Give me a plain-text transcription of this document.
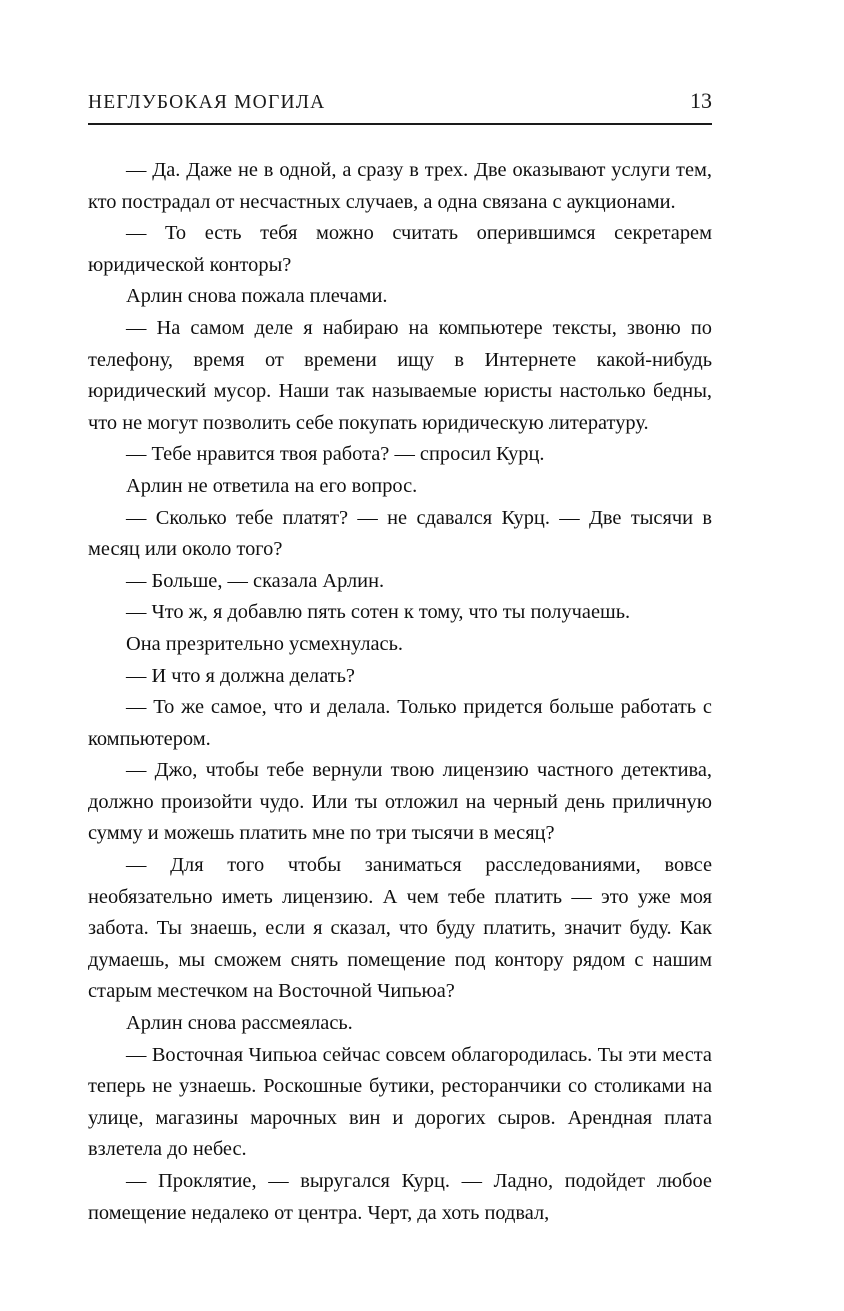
НЕГЛУБОКАЯ МОГИЛА	13

— Да. Даже не в одной, а сразу в трех. Две оказывают услуги тем, кто пострадал от несчастных случаев, а одна связана с аукционами.

— То есть тебя можно считать оперившимся секретарем юридической конторы?

Арлин снова пожала плечами.

— На самом деле я набираю на компьютере тексты, звоню по телефону, время от времени ищу в Интернете какой-нибудь юридический мусор. Наши так называемые юристы настолько бедны, что не могут позволить себе покупать юридическую литературу.

— Тебе нравится твоя работа? — спросил Курц.

Арлин не ответила на его вопрос.

— Сколько тебе платят? — не сдавался Курц. — Две тысячи в месяц или около того?

— Больше, — сказала Арлин.

— Что ж, я добавлю пять сотен к тому, что ты получаешь.

Она презрительно усмехнулась.

— И что я должна делать?

— То же самое, что и делала. Только придется больше работать с компьютером.

— Джо, чтобы тебе вернули твою лицензию частного детектива, должно произойти чудо. Или ты отложил на черный день приличную сумму и можешь платить мне по три тысячи в месяц?

— Для того чтобы заниматься расследованиями, вовсе необязательно иметь лицензию. А чем тебе платить — это уже моя забота. Ты знаешь, если я сказал, что буду платить, значит буду. Как думаешь, мы сможем снять помещение под контору рядом с нашим старым местечком на Восточной Чипьюа?

Арлин снова рассмеялась.

— Восточная Чипьюа сейчас совсем облагородилась. Ты эти места теперь не узнаешь. Роскошные бутики, ресторанчики со столиками на улице, магазины марочных вин и дорогих сыров. Арендная плата взлетела до небес.

— Проклятие, — выругался Курц. — Ладно, подойдет любое помещение недалеко от центра. Черт, да хоть подвал,
